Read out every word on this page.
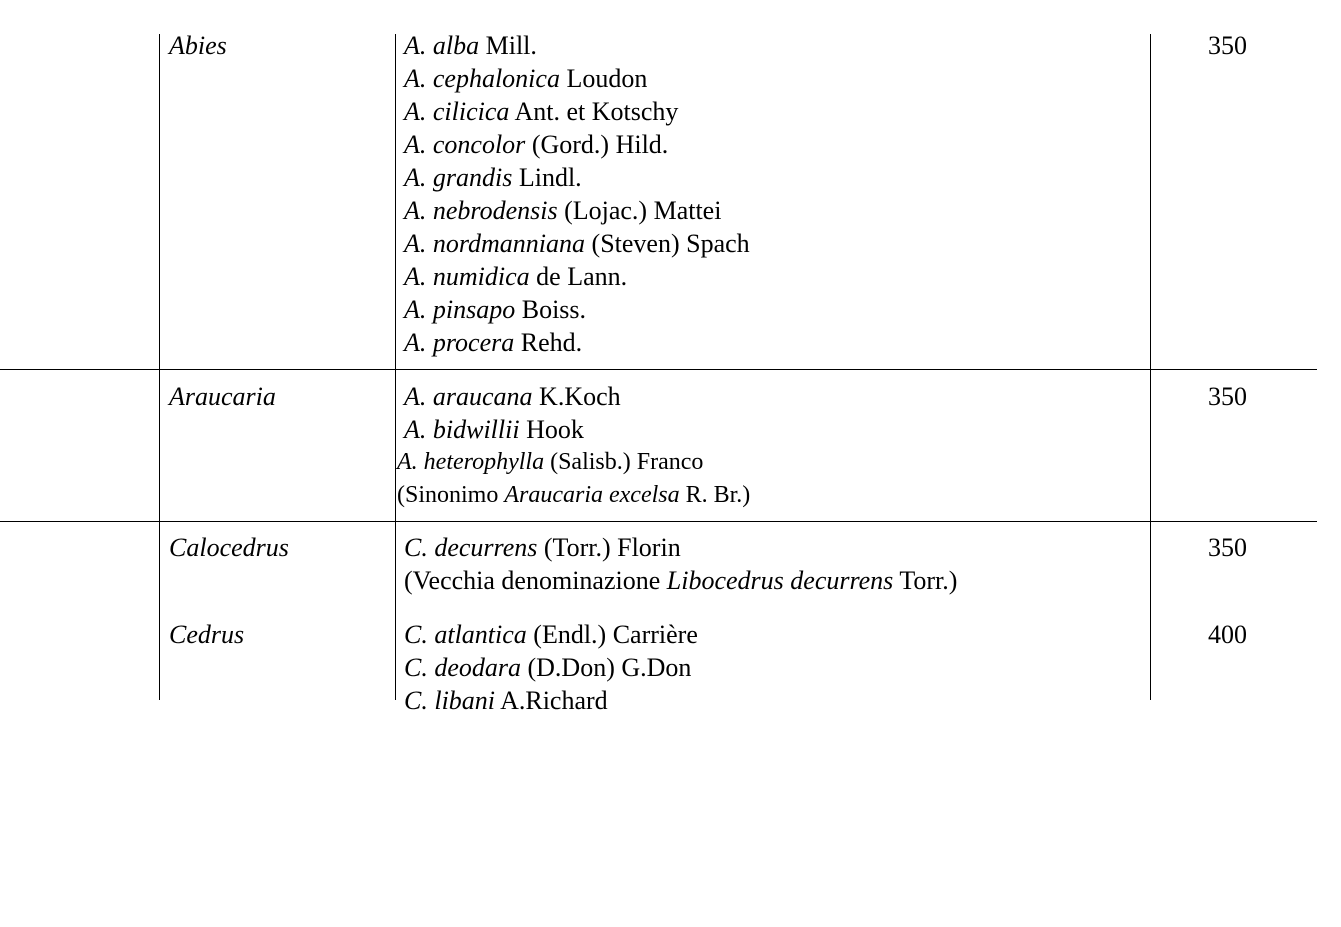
Abies	A. alba Mill.
A. cephalonica Loudon
A. cilicica Ant. et Kotschy
A. concolor (Gord.) Hild.
A. grandis Lindl.
A. nebrodensis (Lojac.) Mattei
A. nordmanniana (Steven) Spach
A. numidica de Lann.
A. pinsapo Boiss.
A. procera Rehd.
350
Araucaria	A. araucana K.Koch
A. bidwillii Hook
A. heterophylla (Salisb.) Franco
(Sinonimo Araucaria excelsa R. Br.)
350
Calocedrus	C. decurrens (Torr.) Florin
(Vecchia denominazione Libocedrus decurrens Torr.)
350
Cedrus	C. atlantica (Endl.) Carrière
C. deodara (D.Don) G.Don
C. libani A.Richard
400
